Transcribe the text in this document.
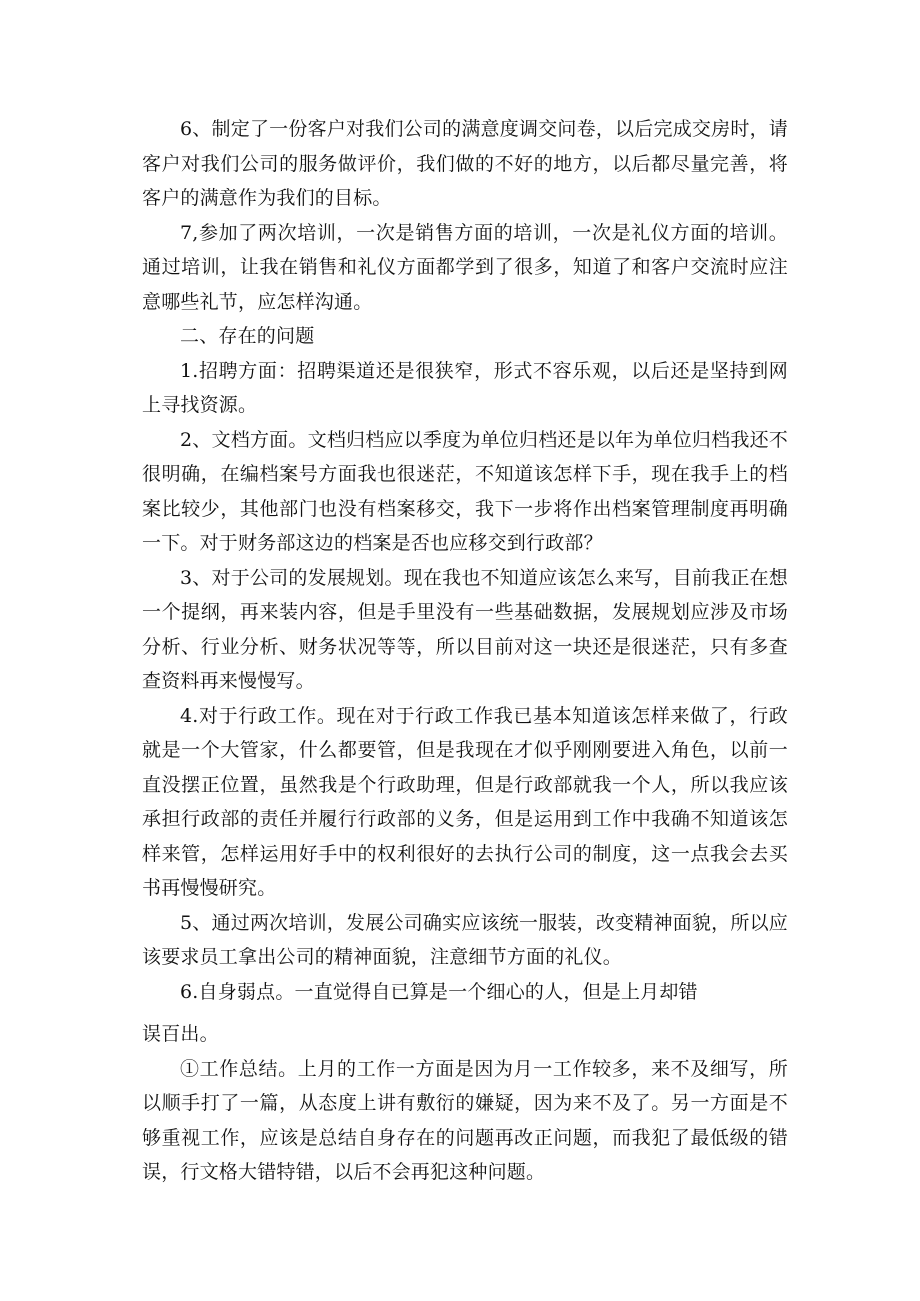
6、制定了一份客户对我们公司的满意度调交问卷，以后完成交房时，请客户对我们公司的服务做评价，我们做的不好的地方，以后都尽量完善，将客户的满意作为我们的目标。

7,参加了两次培训，一次是销售方面的培训，一次是礼仪方面的培训。通过培训，让我在销售和礼仪方面都学到了很多，知道了和客户交流时应注意哪些礼节，应怎样沟通。

二、存在的问题

1.招聘方面：招聘渠道还是很狭窄，形式不容乐观，以后还是坚持到网上寻找资源。

2、文档方面。文档归档应以季度为单位归档还是以年为单位归档我还不很明确，在编档案号方面我也很迷茫，不知道该怎样下手，现在我手上的档案比较少，其他部门也没有档案移交，我下一步将作出档案管理制度再明确一下。对于财务部这边的档案是否也应移交到行政部？

3、对于公司的发展规划。现在我也不知道应该怎么来写，目前我正在想一个提纲，再来装内容，但是手里没有一些基础数据，发展规划应涉及市场分析、行业分析、财务状况等等，所以目前对这一块还是很迷茫，只有多查查资料再来慢慢写。

4.对于行政工作。现在对于行政工作我已基本知道该怎样来做了，行政就是一个大管家，什么都要管，但是我现在才似乎刚刚要进入角色，以前一直没摆正位置，虽然我是个行政助理，但是行政部就我一个人，所以我应该承担行政部的责任并履行行政部的义务，但是运用到工作中我确不知道该怎样来管，怎样运用好手中的权利很好的去执行公司的制度，这一点我会去买书再慢慢研究。

5、通过两次培训，发展公司确实应该统一服装，改变精神面貌，所以应该要求员工拿出公司的精神面貌，注意细节方面的礼仪。

6.自身弱点。一直觉得自已算是一个细心的人，但是上月却错

误百出。

①工作总结。上月的工作一方面是因为月一工作较多，来不及细写，所以顺手打了一篇，从态度上讲有敷衍的嫌疑，因为来不及了。另一方面是不够重视工作，应该是总结自身存在的问题再改正问题，而我犯了最低级的错误，行文格大错特错，以后不会再犯这种问题。
